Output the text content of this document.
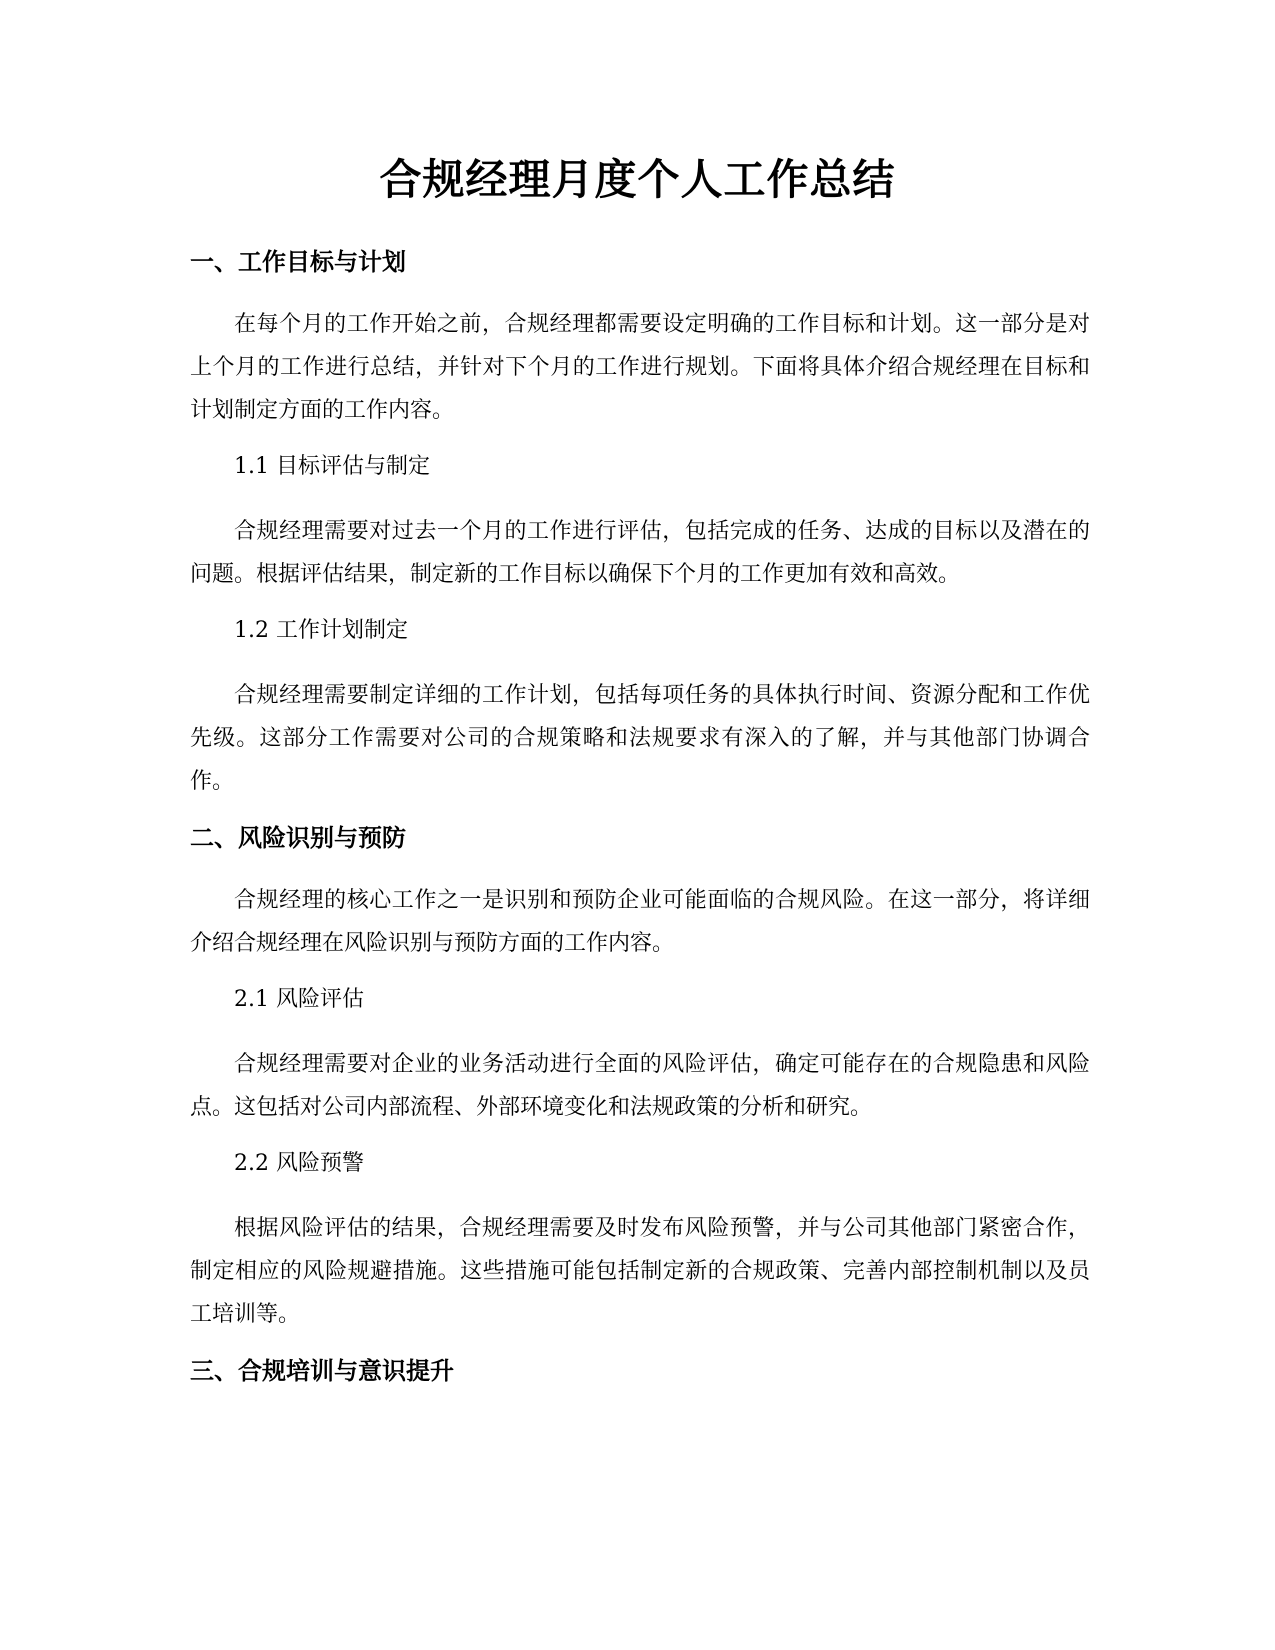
合规经理月度个人工作总结
一、工作目标与计划

在每个月的工作开始之前，合规经理都需要设定明确的工作目标和计划。这一部分是对上个月的工作进行总结，并针对下个月的工作进行规划。下面将具体介绍合规经理在目标和计划制定方面的工作内容。

1.1 目标评估与制定

合规经理需要对过去一个月的工作进行评估，包括完成的任务、达成的目标以及潜在的问题。根据评估结果，制定新的工作目标以确保下个月的工作更加有效和高效。

1.2 工作计划制定

合规经理需要制定详细的工作计划，包括每项任务的具体执行时间、资源分配和工作优先级。这部分工作需要对公司的合规策略和法规要求有深入的了解，并与其他部门协调合作。

二、风险识别与预防

合规经理的核心工作之一是识别和预防企业可能面临的合规风险。在这一部分，将详细介绍合规经理在风险识别与预防方面的工作内容。

2.1 风险评估

合规经理需要对企业的业务活动进行全面的风险评估，确定可能存在的合规隐患和风险点。这包括对公司内部流程、外部环境变化和法规政策的分析和研究。

2.2 风险预警

根据风险评估的结果，合规经理需要及时发布风险预警，并与公司其他部门紧密合作，制定相应的风险规避措施。这些措施可能包括制定新的合规政策、完善内部控制机制以及员工培训等。

三、合规培训与意识提升
